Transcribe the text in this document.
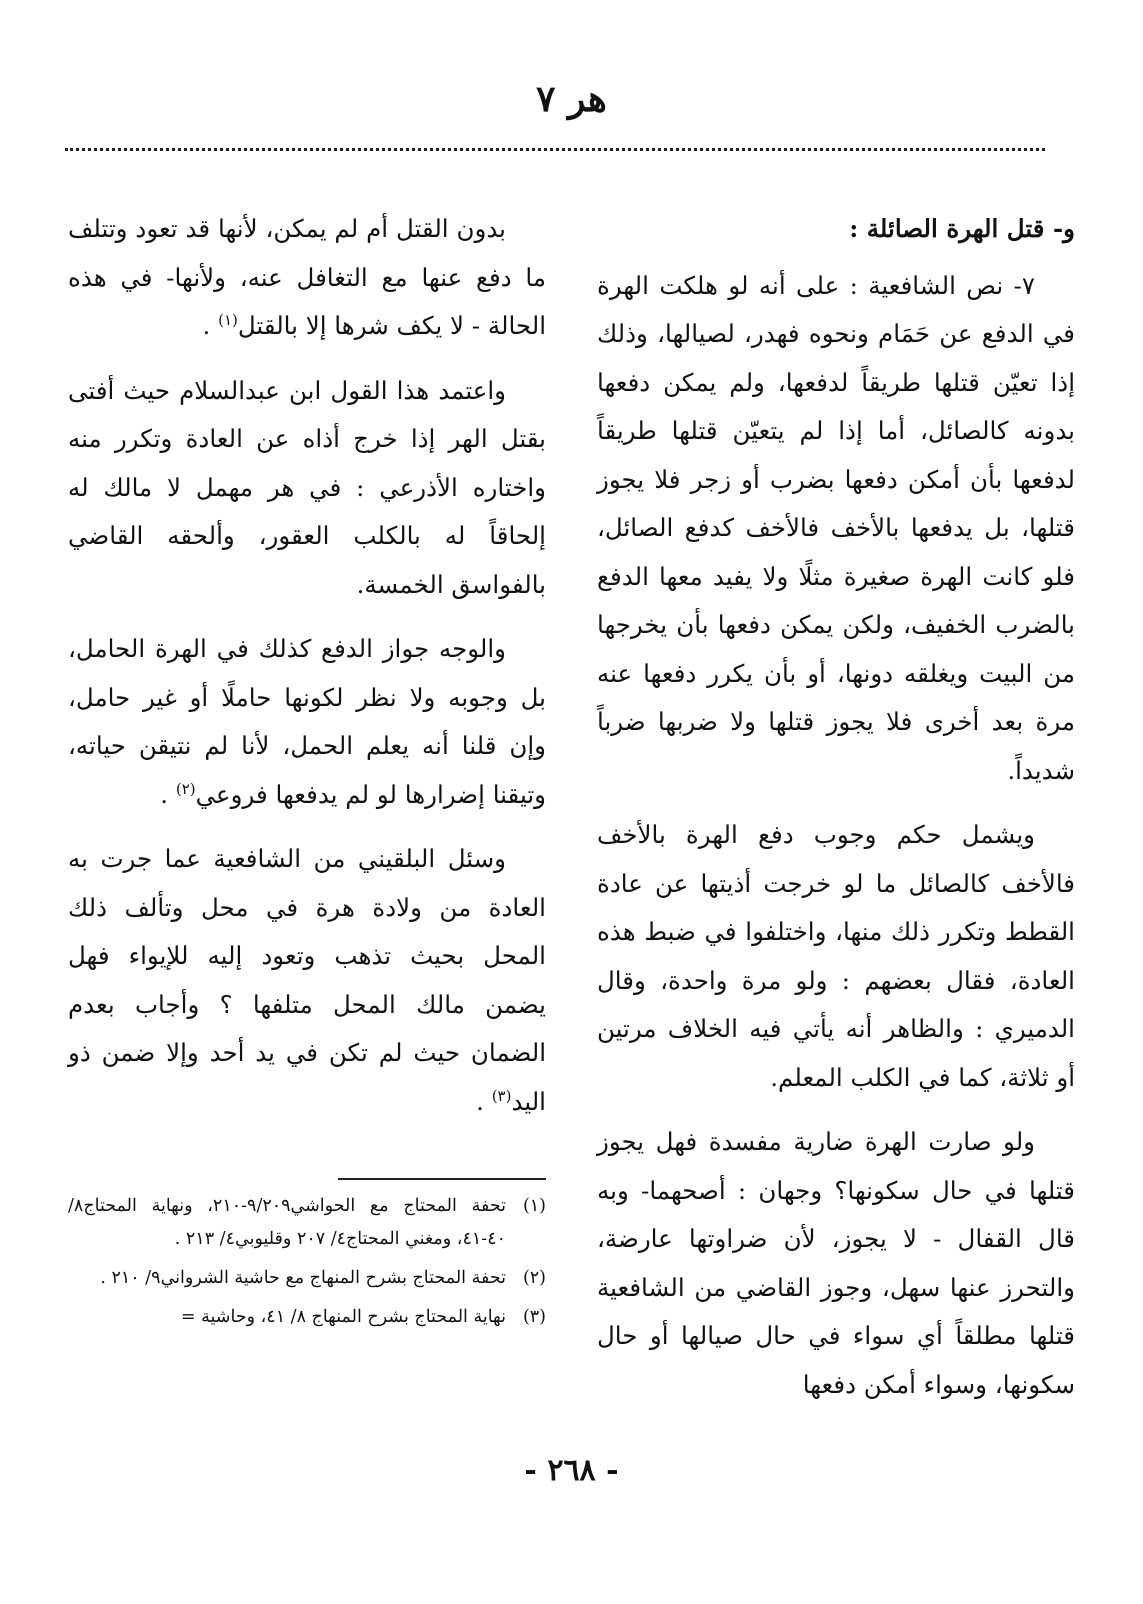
هر ٧

و- قتل الهرة الصائلة :

٧- نص الشافعية : على أنه لو هلكت الهرة في الدفع عن حَمَام ونحوه فهدر، لصيالها، وذلك إذا تعيّن قتلها طريقاً لدفعها، ولم يمكن دفعها بدونه كالصائل، أما إذا لم يتعيّن قتلها طريقاً لدفعها بأن أمكن دفعها بضرب أو زجر فلا يجوز قتلها، بل يدفعها بالأخف فالأخف كدفع الصائل، فلو كانت الهرة صغيرة مثلًا ولا يفيد معها الدفع بالضرب الخفيف، ولكن يمكن دفعها بأن يخرجها من البيت ويغلقه دونها، أو بأن يكرر دفعها عنه مرة بعد أخرى فلا يجوز قتلها ولا ضربها ضرباً شديداً.

ويشمل حكم وجوب دفع الهرة بالأخف فالأخف كالصائل ما لو خرجت أذيتها عن عادة القطط وتكرر ذلك منها، واختلفوا في ضبط هذه العادة، فقال بعضهم : ولو مرة واحدة، وقال الدميري : والظاهر أنه يأتي فيه الخلاف مرتين أو ثلاثة، كما في الكلب المعلم.

ولو صارت الهرة ضارية مفسدة فهل يجوز قتلها في حال سكونها؟ وجهان : أصحهما- وبه قال القفال - لا يجوز، لأن ضراوتها عارضة، والتحرز عنها سهل، وجوز القاضي من الشافعية قتلها مطلقاً أي سواء في حال صيالها أو حال سكونها، وسواء أمكن دفعها

بدون القتل أم لم يمكن، لأنها قد تعود وتتلف ما دفع عنها مع التغافل عنه، ولأنها- في هذه الحالة - لا يكف شرها إلا بالقتل$^{(١)}$ .

واعتمد هذا القول ابن عبدالسلام حيث أفتى بقتل الهر إذا خرج أذاه عن العادة وتكرر منه واختاره الأذرعي : في هر مهمل لا مالك له إلحاقاً له بالكلب العقور، وألحقه القاضي بالفواسق الخمسة.

والوجه جواز الدفع كذلك في الهرة الحامل، بل وجوبه ولا نظر لكونها حاملًا أو غير حامل، وإن قلنا أنه يعلم الحمل، لأنا لم نتيقن حياته، وتيقنا إضرارها لو لم يدفعها فروعي$^{(٢)}$ .

وسئل البلقيني من الشافعية عما جرت به العادة من ولادة هرة في محل وتألف ذلك المحل بحيث تذهب وتعود إليه للإيواء فهل يضمن مالك المحل متلفها ؟ وأجاب بعدم الضمان حيث لم تكن في يد أحد وإلا ضمن ذو اليد$^{(٣)}$ .

(١)
تحفة المحتاج مع الحواشي٩/٢٠٩-٢١٠، ونهاية المحتاج٨/ ٤٠-٤١، ومغني المحتاج٤/ ٢٠٧ وقليوبي٤/ ٢١٣ .
(٢)
تحفة المحتاج بشرح المنهاج مع حاشية الشرواني٩/ ٢١٠ .
(٣)
نهاية المحتاج بشرح المنهاج ٨/ ٤١، وحاشية =
- ٢٦٨ -
